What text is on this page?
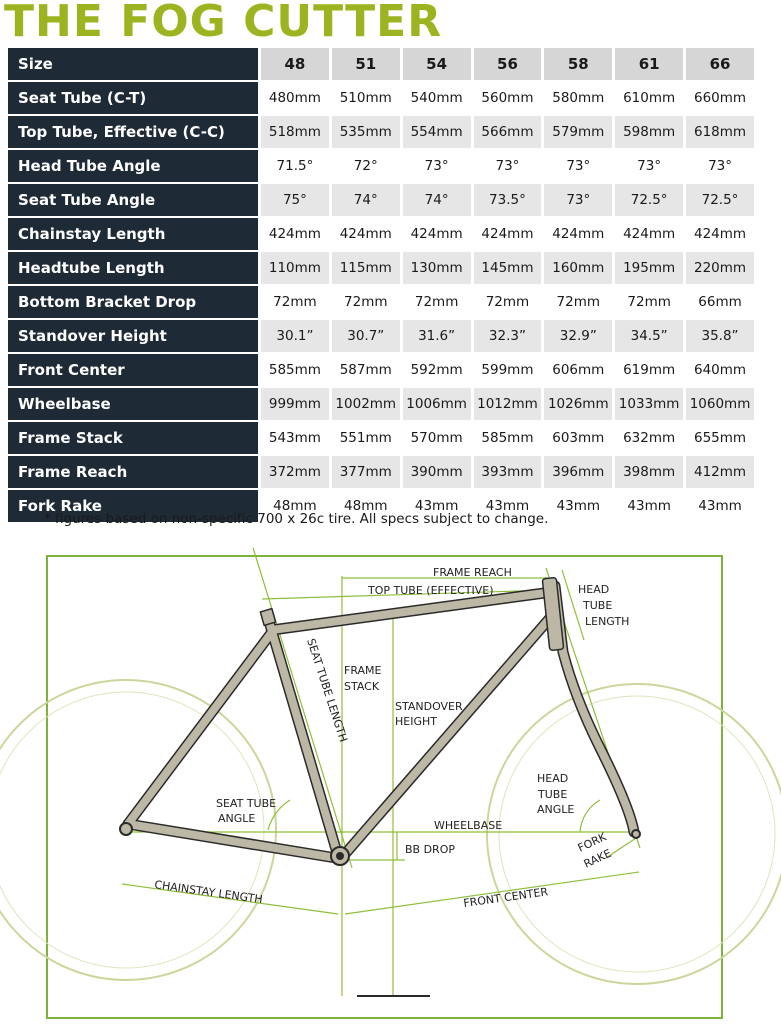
THE FOG CUTTER
Size	48	51	54	56	58	61	66
Seat Tube (C-T)	480mm	510mm	540mm	560mm	580mm	610mm	660mm
Top Tube, Effective (C-C)	518mm	535mm	554mm	566mm	579mm	598mm	618mm
Head Tube Angle	71.5°	72°	73°	73°	73°	73°	73°
Seat Tube Angle	75°	74°	74°	73.5°	73°	72.5°	72.5°
Chainstay Length	424mm	424mm	424mm	424mm	424mm	424mm	424mm
Headtube Length	110mm	115mm	130mm	145mm	160mm	195mm	220mm
Bottom Bracket Drop	72mm	72mm	72mm	72mm	72mm	72mm	66mm
Standover Height	30.1”	30.7”	31.6”	32.3”	32.9”	34.5”	35.8”
Front Center	585mm	587mm	592mm	599mm	606mm	619mm	640mm
Wheelbase	999mm	1002mm	1006mm	1012mm	1026mm	1033mm	1060mm
Frame Stack	543mm	551mm	570mm	585mm	603mm	632mm	655mm
Frame Reach	372mm	377mm	390mm	393mm	396mm	398mm	412mm
Fork Rake	48mm	48mm	43mm	43mm	43mm	43mm	43mm
* figures based on non-specific 700 x 26c tire. All specs subject to change.
FRAME REACH
TOP TUBE (EFFECTIVE)	HEAD
TUBE
LENGTH
SEAT TUBE LENGTH
FRAME
STACK
STANDOVER
HEIGHT
HEAD
TUBE
ANGLE
SEAT TUBE
ANGLE
WHEELBASE
BB DROP	FORK
RAKE
CHAINSTAY LENGTH	FRONT CENTER
